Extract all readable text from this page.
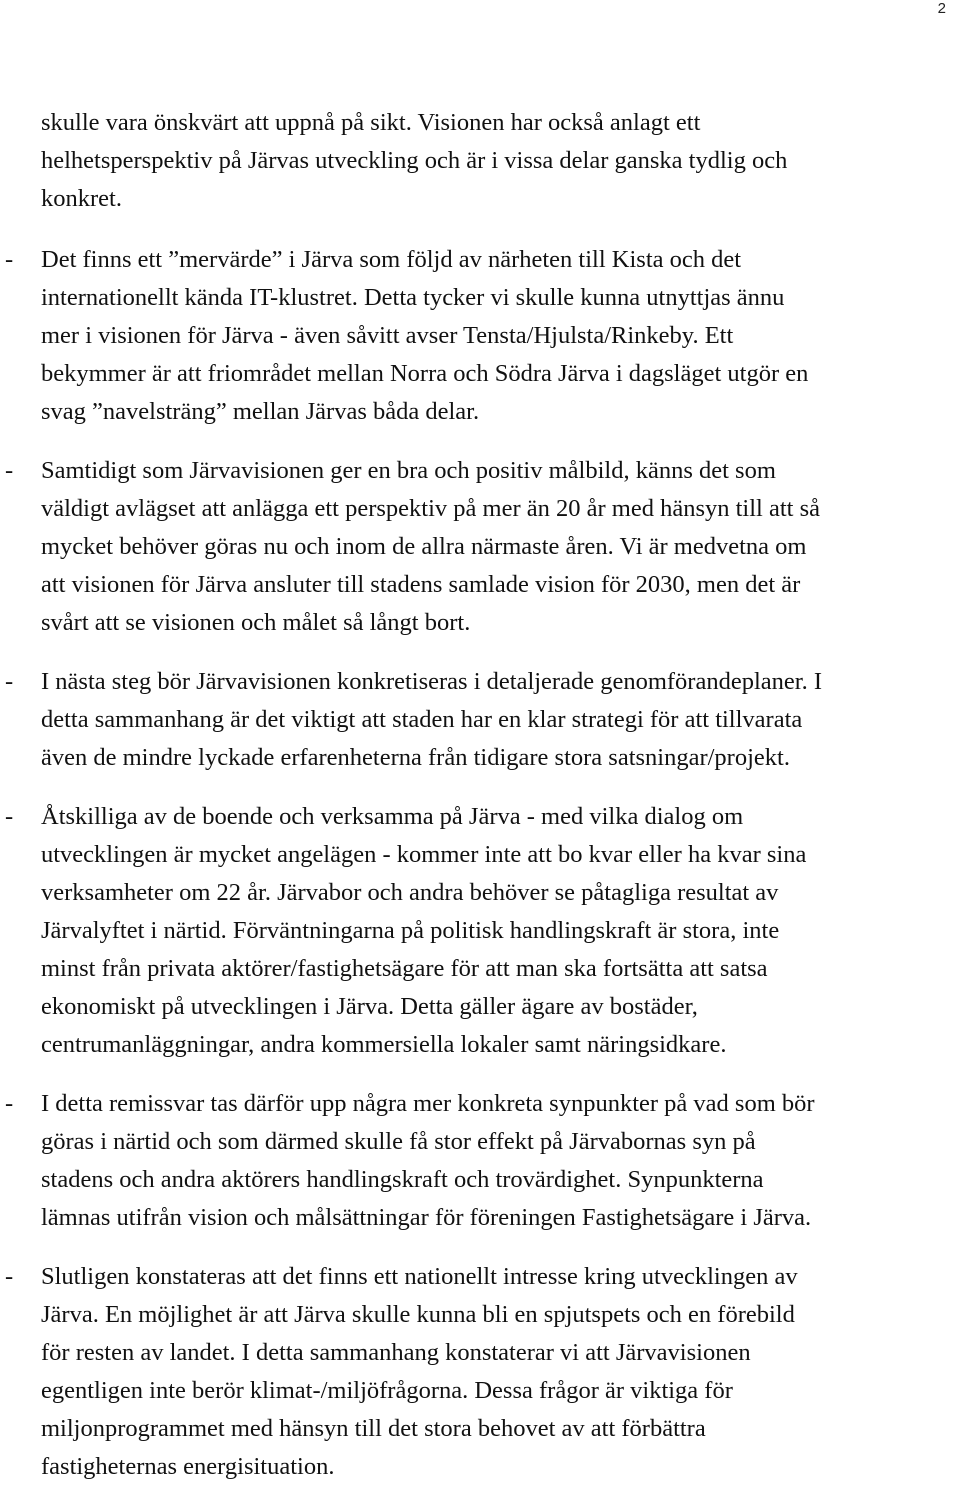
2

skulle vara önskvärt att uppnå på sikt. Visionen har också anlagt ett
helhetsperspektiv på Järvas utveckling och är i vissa delar ganska tydlig och
konkret.

- Det finns ett ”mervärde” i Järva som följd av närheten till Kista och det
internationellt kända IT-klustret. Detta tycker vi skulle kunna utnyttjas ännu
mer i visionen för Järva - även såvitt avser Tensta/Hjulsta/Rinkeby. Ett
bekymmer är att friområdet mellan Norra och Södra Järva i dagsläget utgör en
svag ”navelsträng” mellan Järvas båda delar.
- Samtidigt som Järvavisionen ger en bra och positiv målbild, känns det som
väldigt avlägset att anlägga ett perspektiv på mer än 20 år med hänsyn till att så
mycket behöver göras nu och inom de allra närmaste åren. Vi är medvetna om
att visionen för Järva ansluter till stadens samlade vision för 2030, men det är
svårt att se visionen och målet så långt bort.
- I nästa steg bör Järvavisionen konkretiseras i detaljerade genomförandeplaner. I
detta sammanhang är det viktigt att staden har en klar strategi för att tillvarata
även de mindre lyckade erfarenheterna från tidigare stora satsningar/projekt.
- Åtskilliga av de boende och verksamma på Järva - med vilka dialog om
utvecklingen är mycket angelägen - kommer inte att bo kvar eller ha kvar sina
verksamheter om 22 år. Järvabor och andra behöver se påtagliga resultat av
Järvalyftet i närtid. Förväntningarna på politisk handlingskraft är stora, inte
minst från privata aktörer/fastighetsägare för att man ska fortsätta att satsa
ekonomiskt på utvecklingen i Järva. Detta gäller ägare av bostäder,
centrumanläggningar, andra kommersiella lokaler samt näringsidkare.
- I detta remissvar tas därför upp några mer konkreta synpunkter på vad som bör
göras i närtid och som därmed skulle få stor effekt på Järvabornas syn på
stadens och andra aktörers handlingskraft och trovärdighet. Synpunkterna
lämnas utifrån vision och målsättningar för föreningen Fastighetsägare i Järva.
- Slutligen konstateras att det finns ett nationellt intresse kring utvecklingen av
Järva. En möjlighet är att Järva skulle kunna bli en spjutspets och en förebild
för resten av landet. I detta sammanhang konstaterar vi att Järvavisionen
egentligen inte berör klimat-/miljöfrågorna. Dessa frågor är viktiga för
miljonprogrammet med hänsyn till det stora behovet av att förbättra
fastigheternas energisituation.
